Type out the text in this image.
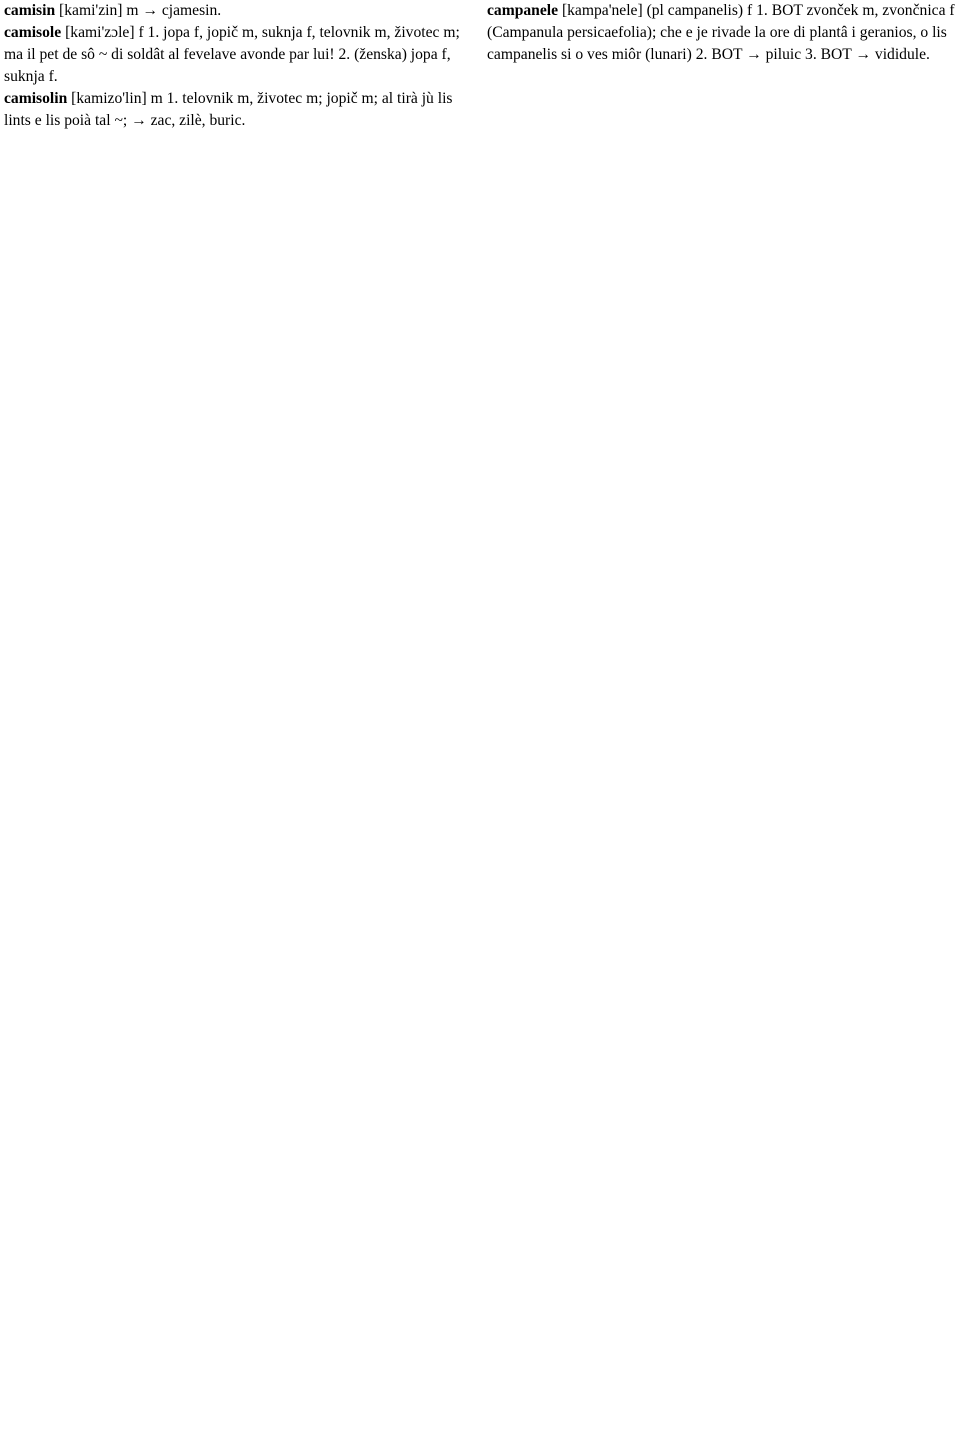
camisin [kami'zin] m → cjamesin.

camisole [kami'zɔle] f 1. jopa f, jopič m, suknja f, telovnik m, životec m; ma il pet de sô ~ di soldât al fevelave avonde par lui! 2. (ženska) jopa f, suknja f.

camisolin [kamizo'lin] m 1. telovnik m, životec m; jopič m; al tirà jù lis lints e lis poià tal ~; → zac, zilè, buric.

campanele [kampa'nele] (pl campanelis) f 1. BOT zvonček m, zvončnica f (Campanula persicaefolia); che e je rivade la ore di plantâ i geranios, o lis campanelis si o ves miôr (lunari) 2. BOT → piluic 3. BOT → vididule.
